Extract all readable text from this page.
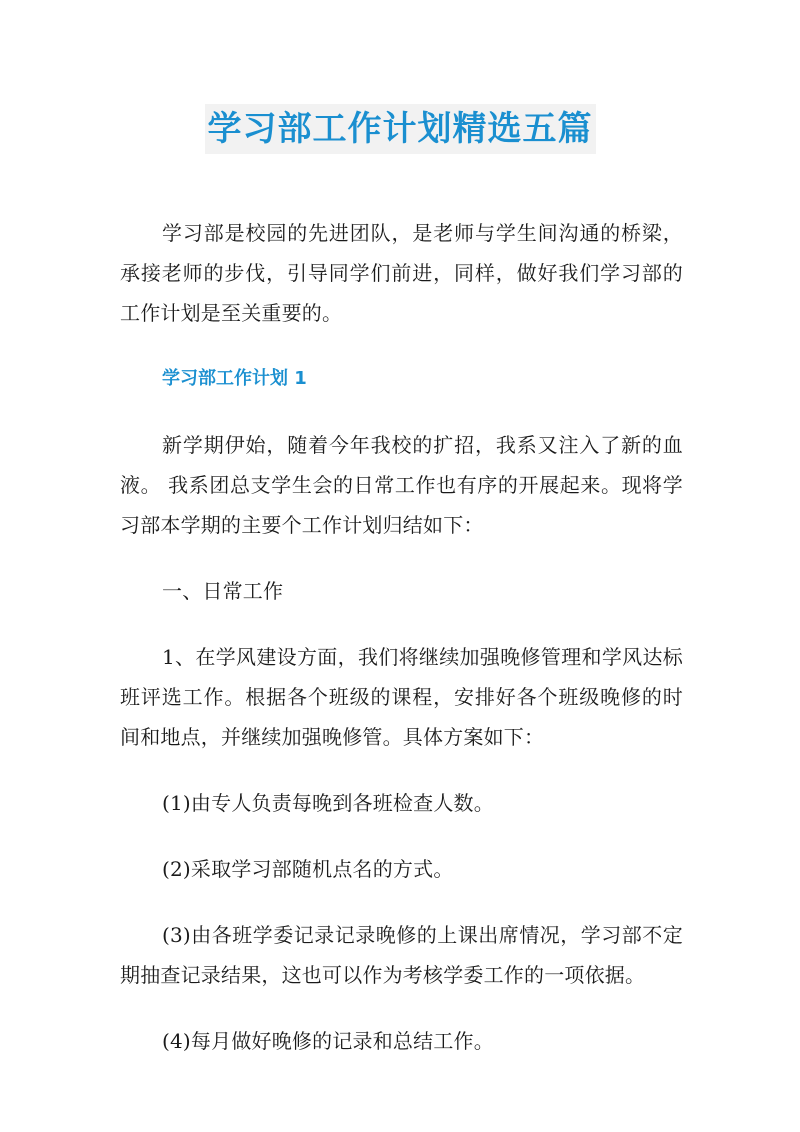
学习部工作计划精选五篇

学习部是校园的先进团队，是老师与学生间沟通的桥梁，承接老师的步伐，引导同学们前进，同样，做好我们学习部的工作计划是至关重要的。

学习部工作计划 1

新学期伊始，随着今年我校的扩招，我系又注入了新的血液。 我系团总支学生会的日常工作也有序的开展起来。现将学习部本学期的主要个工作计划归结如下：

一、日常工作

1、在学风建设方面，我们将继续加强晚修管理和学风达标班评选工作。根据各个班级的课程，安排好各个班级晚修的时间和地点，并继续加强晚修管。具体方案如下：

(1)由专人负责每晚到各班检查人数。

(2)采取学习部随机点名的方式。

(3)由各班学委记录记录晚修的上课出席情况，学习部不定期抽查记录结果，这也可以作为考核学委工作的一项依据。

(4)每月做好晚修的记录和总结工作。
